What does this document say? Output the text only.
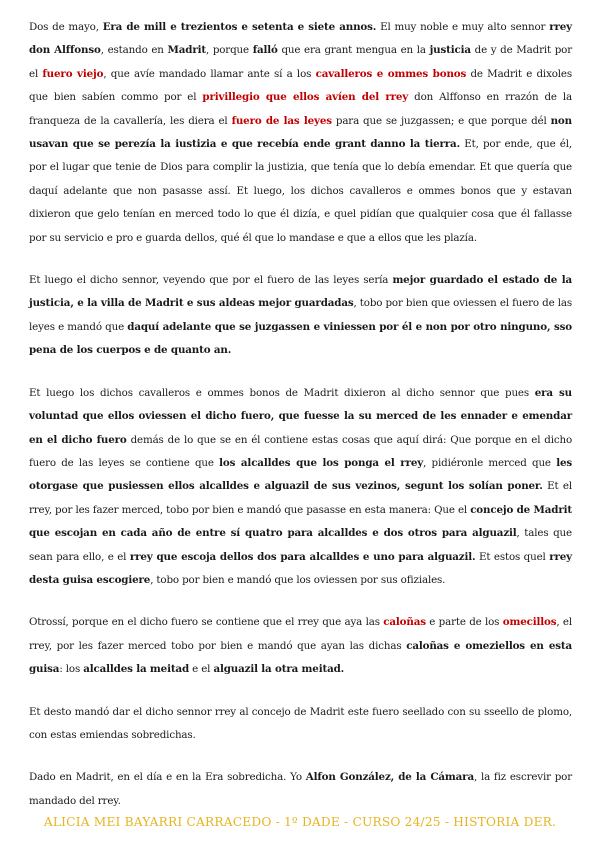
Dos de mayo, Era de mill e trezientos e setenta e siete annos. El muy noble e muy alto sennor rrey don Alffonso, estando en Madrit, porque falló que era grant mengua en la justicia de y de Madrit por el fuero viejo, que avíe mandado llamar ante sí a los cavalleros e ommes bonos de Madrit e dixoles que bien sabíen commo por el privillegio que ellos avíen del rrey don Alffonso en rrazón de la franqueza de la cavallería, les diera el fuero de las leyes para que se juzgassen; e que porque dél non usavan que se perezía la iustizia e que recebía ende grant danno la tierra. Et, por ende, que él, por el lugar que tenie de Dios para complir la justizia, que tenía que lo debía emendar. Et que quería que daquí adelante que non pasasse assí. Et luego, los dichos cavalleros e ommes bonos que y estavan dixieron que gelo tenían en merced todo lo que él dizía, e quel pidían que qualquier cosa que él fallasse por su servicio e pro e guarda dellos, qué él que lo mandase e que a ellos que les plazía.

Et luego el dicho sennor, veyendo que por el fuero de las leyes sería mejor guardado el estado de la justicia, e la villa de Madrit e sus aldeas mejor guardadas, tobo por bien que oviessen el fuero de las leyes e mandó que daquí adelante que se juzgassen e viniessen por él e non por otro ninguno, sso pena de los cuerpos e de quanto an.

Et luego los dichos cavalleros e ommes bonos de Madrit dixieron al dicho sennor que pues era su voluntad que ellos oviessen el dicho fuero, que fuesse la su merced de les ennader e emendar en el dicho fuero demás de lo que se en él contiene estas cosas que aquí dirá: Que porque en el dicho fuero de las leyes se contiene que los alcalldes que los ponga el rrey, pidiéronle merced que les otorgase que pusiessen ellos alcalldes e alguazil de sus vezinos, segunt los solían poner. Et el rrey, por les fazer merced, tobo por bien e mandó que pasasse en esta manera: Que el concejo de Madrit que escojan en cada año de entre sí quatro para alcalldes e dos otros para alguazil, tales que sean para ello, e el rrey que escoja dellos dos para alcalldes e uno para alguazil. Et estos quel rrey desta guisa escogiere, tobo por bien e mandó que los oviessen por sus ofiziales.

Otrossí, porque en el dicho fuero se contiene que el rrey que aya las caloñas e parte de los omecillos, el rrey, por les fazer merced tobo por bien e mandó que ayan las dichas caloñas e omeziellos en esta guisa: los alcalldes la meitad e el alguazil la otra meitad.

Et desto mandó dar el dicho sennor rrey al concejo de Madrit este fuero seellado con su sseello de plomo, con estas emiendas sobredichas.

Dado en Madrit, en el día e en la Era sobredicha. Yo Alfon González, de la Cámara, la fiz escrevir por mandado del rrey.

ALICIA MEI BAYARRI CARRACEDO - 1º DADE - CURSO 24/25 - HISTORIA DER.
